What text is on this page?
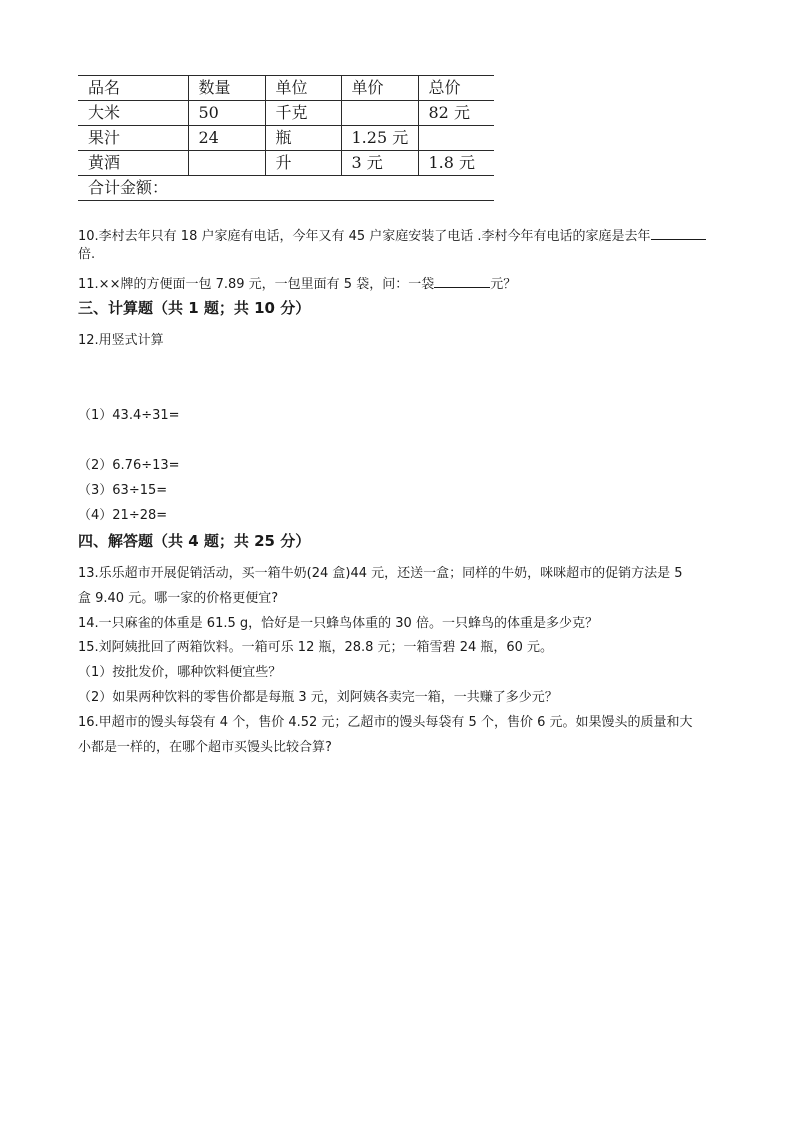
品名	数量	单位	单价	总价
大米	50	千克		82 元
果汁	24	瓶	1.25 元	
黄酒		升	3 元	1.8 元
合计金额：				
10.李村去年只有 18 户家庭有电话，今年又有 45 户家庭安装了电话 .李村今年有电话的家庭是去年
倍.
11.××牌的方便面一包 7.89 元，一包里面有 5 袋，问：一袋	元？
三、计算题（共 1 题；共 10 分）
12.用竖式计算
（1）43.4÷31=
（2）6.76÷13=
（3）63÷15=
（4）21÷28=
四、解答题（共 4 题；共 25 分）
13.乐乐超市开展促销活动，买一箱牛奶(24 盒)44 元，还送一盒；同样的牛奶，咪咪超市的促销方法是 5
盒 9.40 元。哪一家的价格更便宜?
14.一只麻雀的体重是 61.5 g，恰好是一只蜂鸟体重的 30 倍。一只蜂鸟的体重是多少克？
15.刘阿姨批回了两箱饮料。一箱可乐 12 瓶，28.8 元；一箱雪碧 24 瓶，60 元。
（1）按批发价，哪种饮料便宜些？
（2）如果两种饮料的零售价都是每瓶 3 元，刘阿姨各卖完一箱，一共赚了多少元？
16.甲超市的馒头每袋有 4 个，售价 4.52 元；乙超市的馒头每袋有 5 个，售价 6 元。如果馒头的质量和大
小都是一样的，在哪个超市买馒头比较合算?
